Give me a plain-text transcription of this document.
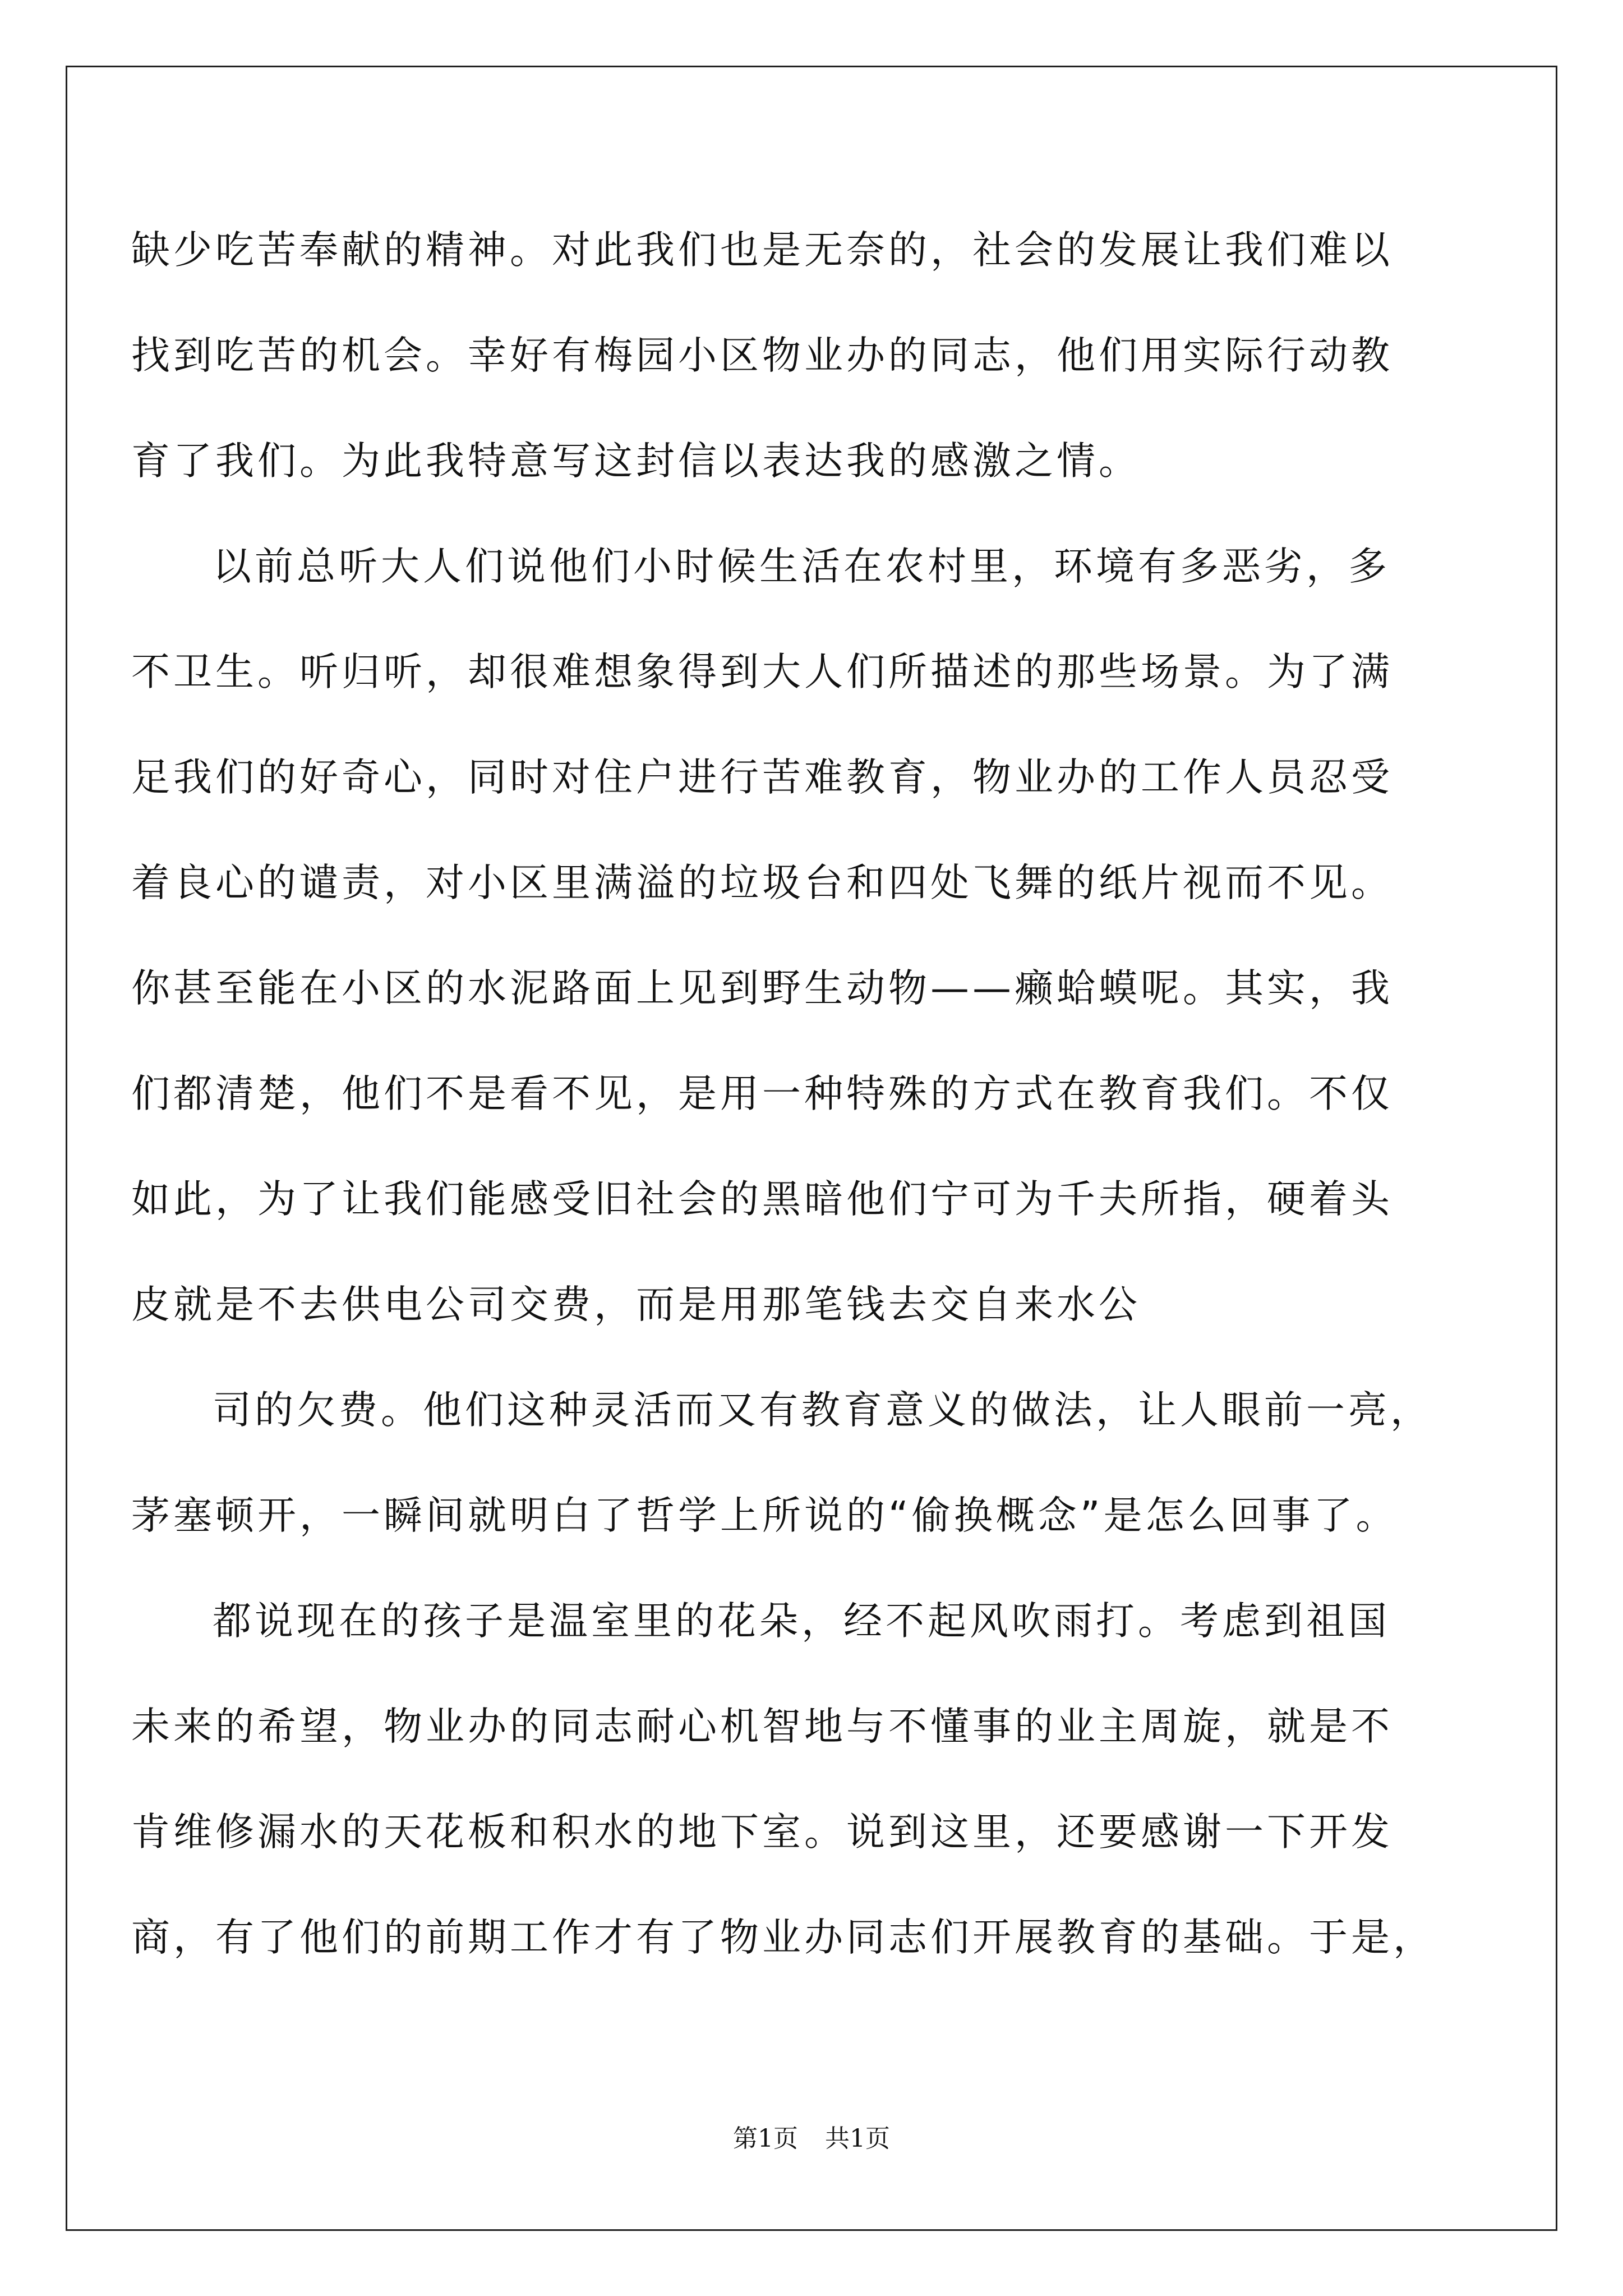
缺少吃苦奉献的精神。对此我们也是无奈的，社会的发展让我们难以
找到吃苦的机会。幸好有梅园小区物业办的同志，他们用实际行动教
育了我们。为此我特意写这封信以表达我的感激之情。
以前总听大人们说他们小时候生活在农村里，环境有多恶劣，多
不卫生。听归听，却很难想象得到大人们所描述的那些场景。为了满
足我们的好奇心，同时对住户进行苦难教育，物业办的工作人员忍受
着良心的谴责，对小区里满溢的垃圾台和四处飞舞的纸片视而不见。
你甚至能在小区的水泥路面上见到野生动物——癞蛤蟆呢。其实，我
们都清楚，他们不是看不见，是用一种特殊的方式在教育我们。不仅
如此，为了让我们能感受旧社会的黑暗他们宁可为千夫所指，硬着头
皮就是不去供电公司交费，而是用那笔钱去交自来水公
司的欠费。他们这种灵活而又有教育意义的做法，让人眼前一亮，
茅塞顿开，一瞬间就明白了哲学上所说的“偷换概念”是怎么回事了。
都说现在的孩子是温室里的花朵，经不起风吹雨打。考虑到祖国
未来的希望，物业办的同志耐心机智地与不懂事的业主周旋，就是不
肯维修漏水的天花板和积水的地下室。说到这里，还要感谢一下开发
商，有了他们的前期工作才有了物业办同志们开展教育的基础。于是，
第1页 共1页
